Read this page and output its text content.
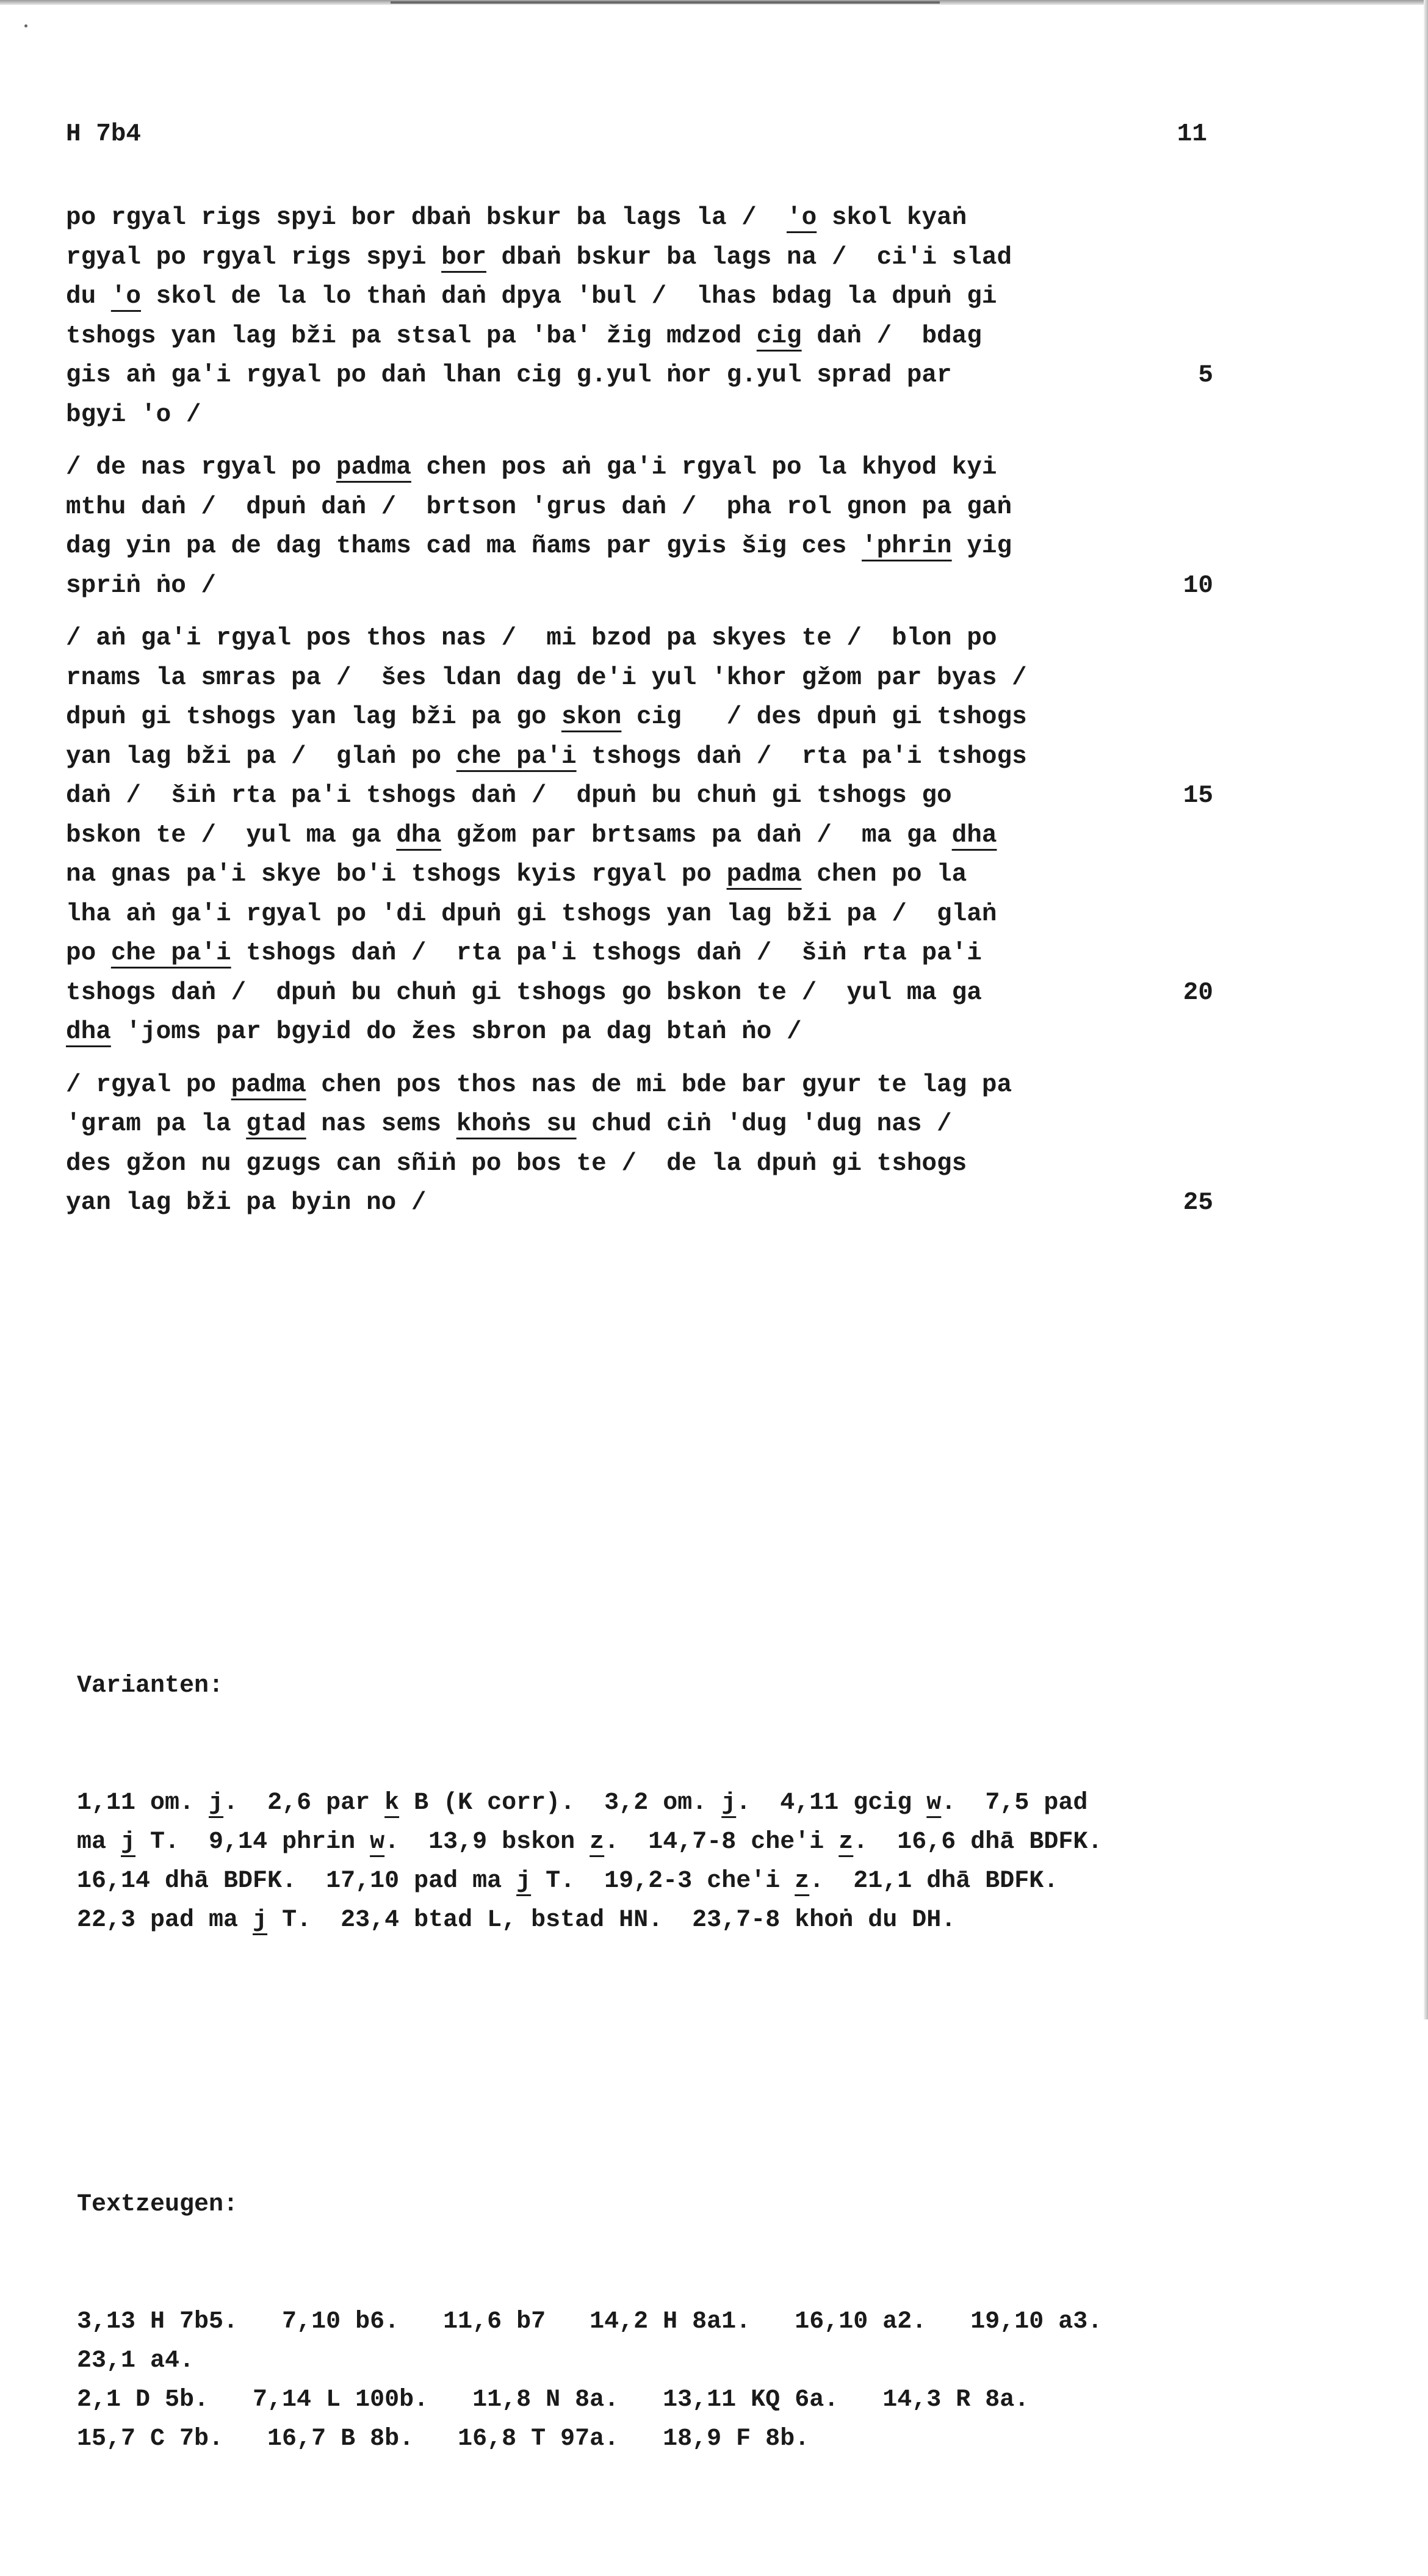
H 7b4	11
po rgyal rigs spyi bor dbaṅ bskur ba lags la /  'o skol kyaṅ
rgyal po rgyal rigs spyi bor dbaṅ bskur ba lags na /  ci'i slad
du 'o skol de la lo thaṅ daṅ dpya 'bul /  lhas bdag la dpuṅ gi
tshogs yan lag bži pa stsal pa 'ba' žig mdzod cig daṅ /  bdag
gis aṅ ga'i rgyal po daṅ lhan cig g.yul ṅor g.yul sprad par	5
bgyi 'o /
/ de nas rgyal po padma chen pos aṅ ga'i rgyal po la khyod kyi
mthu daṅ /  dpuṅ daṅ /  brtson 'grus daṅ /  pha rol gnon pa gaṅ
dag yin pa de dag thams cad ma ñams par gyis šig ces 'phrin yig
spriṅ ṅo /	10
/ aṅ ga'i rgyal pos thos nas /  mi bzod pa skyes te /  blon po
rnams la smras pa /  šes ldan dag de'i yul 'khor gžom par byas /
dpuṅ gi tshogs yan lag bži pa go skon cig   / des dpuṅ gi tshogs
yan lag bži pa /  glaṅ po che pa'i tshogs daṅ /  rta pa'i tshogs
daṅ /  šiṅ rta pa'i tshogs daṅ /  dpuṅ bu chuṅ gi tshogs go	15
bskon te /  yul ma ga dha gžom par brtsams pa daṅ /  ma ga dha
na gnas pa'i skye bo'i tshogs kyis rgyal po padma chen po la
lha aṅ ga'i rgyal po 'di dpuṅ gi tshogs yan lag bži pa /  glaṅ
po che pa'i tshogs daṅ /  rta pa'i tshogs daṅ /  šiṅ rta pa'i
tshogs daṅ /  dpuṅ bu chuṅ gi tshogs go bskon te /  yul ma ga	20
dha 'joms par bgyid do žes sbron pa dag btaṅ ṅo /
/ rgyal po padma chen pos thos nas de mi bde bar gyur te lag pa
'gram pa la gtad nas sems khoṅs su chud ciṅ 'dug 'dug nas /
des gžon nu gzugs can sñiṅ po bos te /  de la dpuṅ gi tshogs
yan lag bži pa byin no /	25

Varianten:

1,11 om. j.  2,6 par k B (K corr).  3,2 om. j.  4,11 gcig w.  7,5 pad
ma j T.  9,14 phrin w.  13,9 bskon z.  14,7-8 che'i z.  16,6 dhā BDFK.
16,14 dhā BDFK.  17,10 pad ma j T.  19,2-3 che'i z.  21,1 dhā BDFK.
22,3 pad ma j T.  23,4 btad L, bstad HN.  23,7-8 khoṅ du DH.

Textzeugen:

3,13 H 7b5.   7,10 b6.   11,6 b7   14,2 H 8a1.   16,10 a2.   19,10 a3.
23,1 a4.
2,1 D 5b.   7,14 L 100b.   11,8 N 8a.   13,11 KQ 6a.   14,3 R 8a.
15,7 C 7b.   16,7 B 8b.   16,8 T 97a.   18,9 F 8b.
